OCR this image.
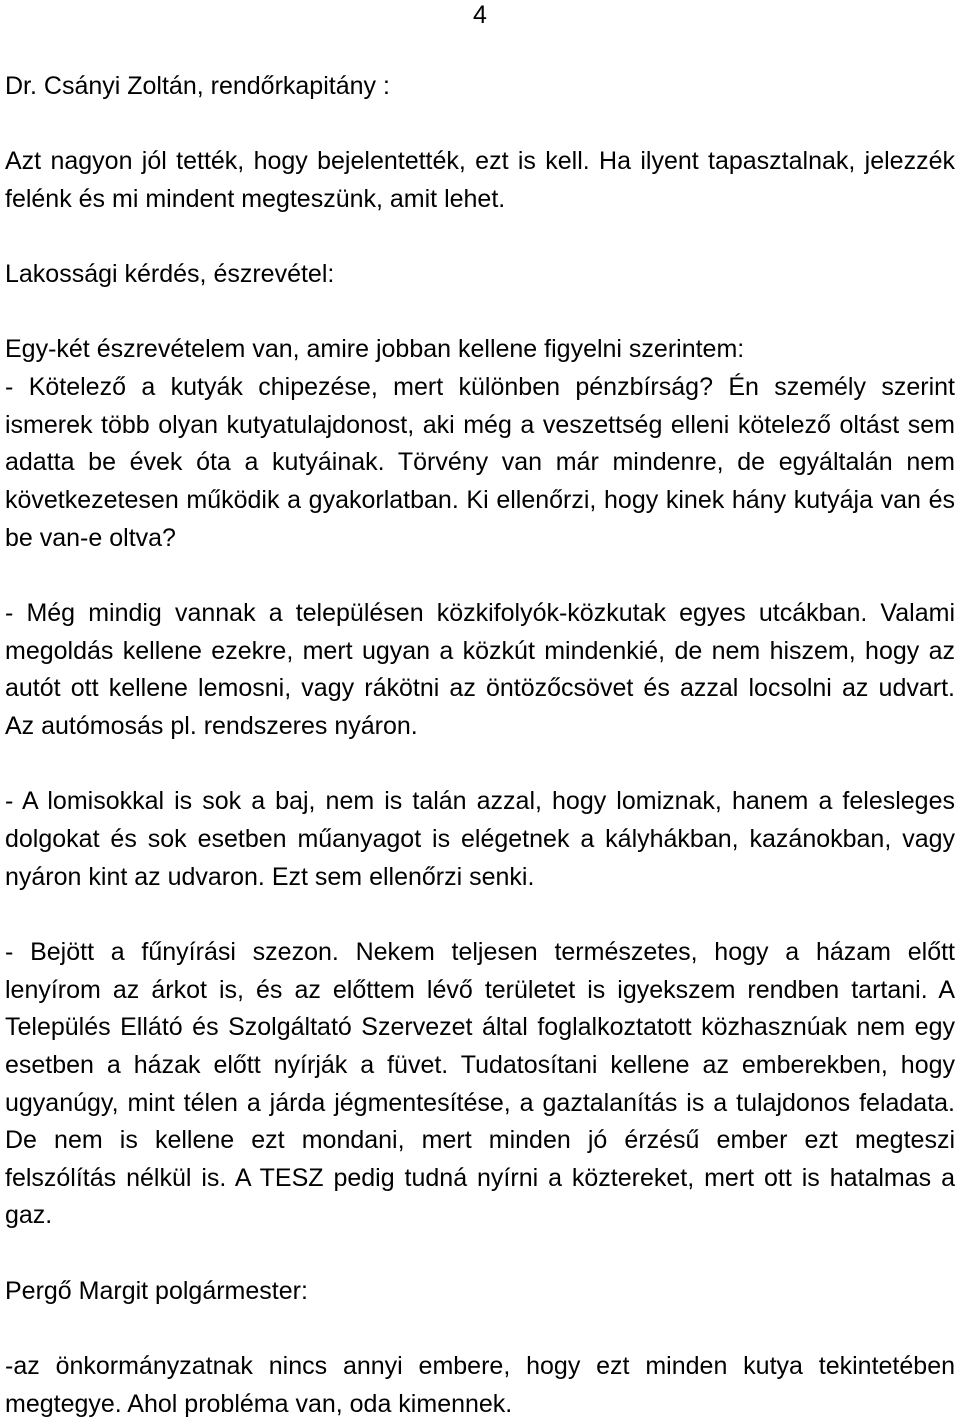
4
Dr. Csányi Zoltán, rendőrkapitány :
Azt nagyon jól tették, hogy bejelentették, ezt is kell. Ha ilyent tapasztalnak, jelezzék
felénk és mi mindent megteszünk, amit lehet.
Lakossági kérdés, észrevétel:
Egy-két észrevételem van, amire jobban kellene figyelni szerintem:
- Kötelező a kutyák chipezése, mert különben pénzbírság? Én személy szerint
ismerek több olyan kutyatulajdonost, aki még a veszettség elleni kötelező oltást sem
adatta be évek óta a kutyáinak. Törvény van már mindenre, de egyáltalán nem
következetesen működik a gyakorlatban. Ki ellenőrzi, hogy kinek hány kutyája van és
be van-e oltva?
- Még mindig vannak a településen közkifolyók-közkutak egyes utcákban. Valami
megoldás kellene ezekre, mert ugyan a közkút mindenkié, de nem hiszem, hogy az
autót ott kellene lemosni, vagy rákötni az öntözőcsövet és azzal locsolni az udvart.
Az autómosás pl. rendszeres nyáron.
- A lomisokkal is sok a baj, nem is talán azzal, hogy lomiznak, hanem a felesleges
dolgokat és sok esetben műanyagot is elégetnek a kályhákban, kazánokban, vagy
nyáron kint az udvaron. Ezt sem ellenőrzi senki.
- Bejött a fűnyírási szezon. Nekem teljesen természetes, hogy a házam előtt
lenyírom az árkot is, és az előttem lévő területet is igyekszem rendben tartani. A
Település Ellátó és Szolgáltató Szervezet által foglalkoztatott közhasznúak nem egy
esetben a házak előtt nyírják a füvet. Tudatosítani kellene az emberekben, hogy
ugyanúgy, mint télen a járda jégmentesítése, a gaztalanítás is a tulajdonos feladata.
De nem is kellene ezt mondani, mert minden jó érzésű ember ezt megteszi
felszólítás nélkül is. A TESZ pedig tudná nyírni a köztereket, mert ott is hatalmas a
gaz.
Pergő Margit polgármester:
-az önkormányzatnak nincs annyi embere, hogy ezt minden kutya tekintetében
megtegye. Ahol probléma van, oda kimennek.
